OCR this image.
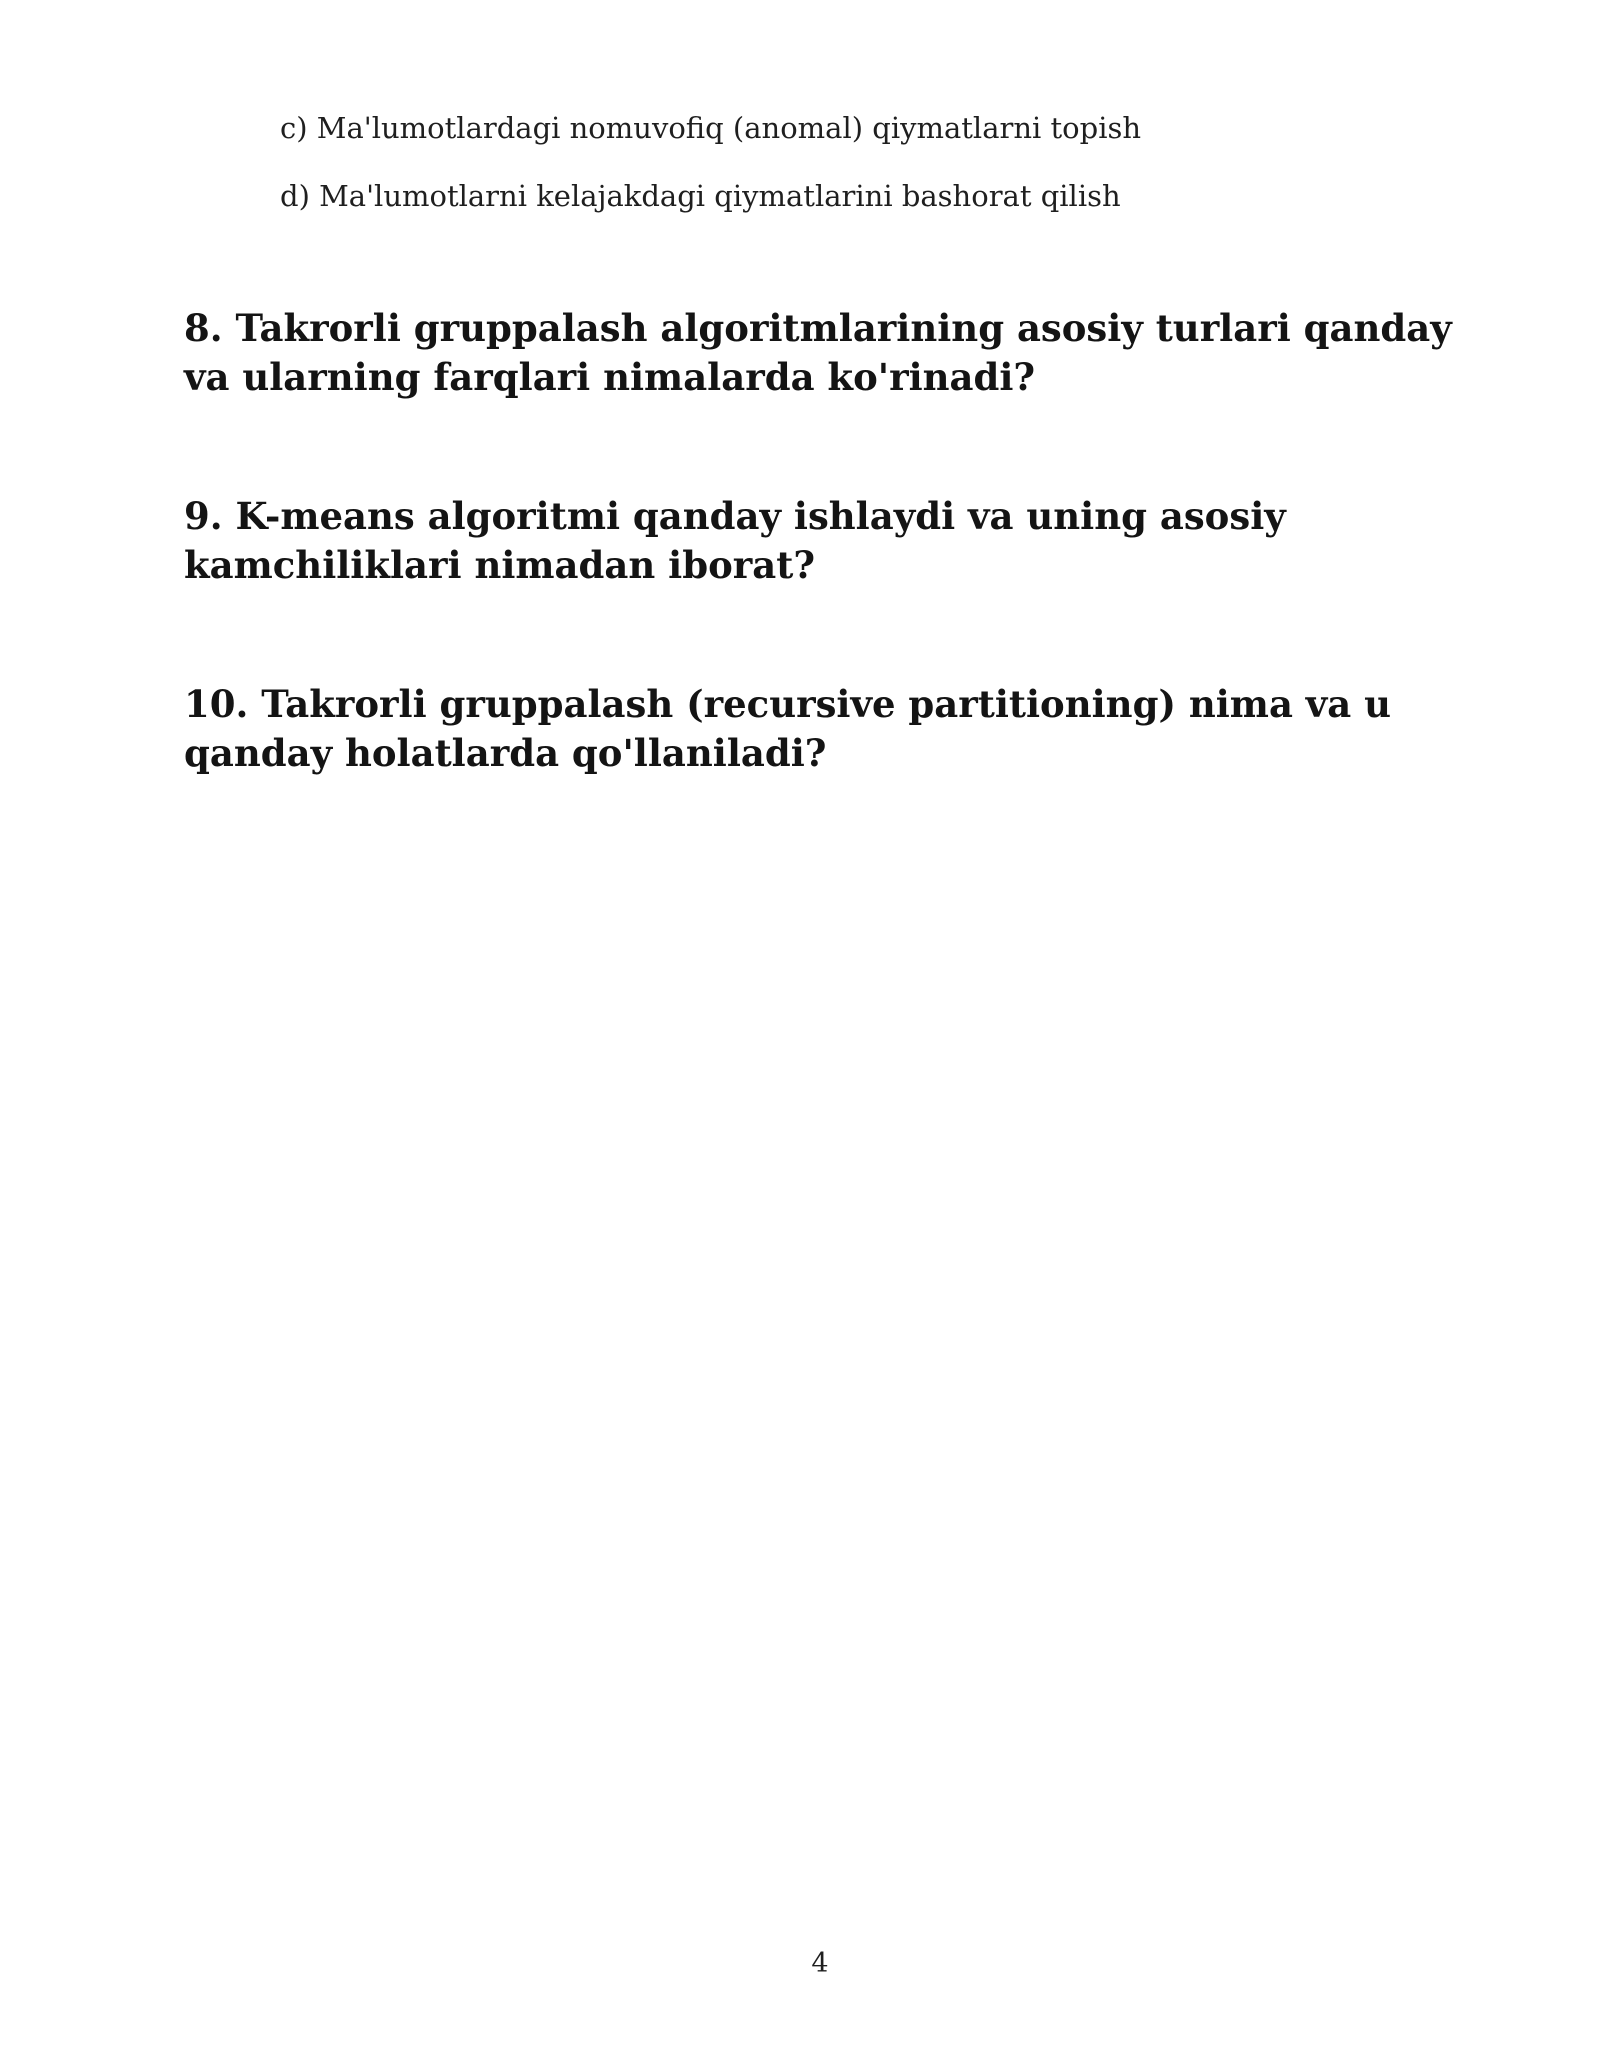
c) Ma'lumotlardagi nomuvofiq (anomal) qiymatlarni topish
d) Ma'lumotlarni kelajakdagi qiymatlarini bashorat qilish
8. Takrorli gruppalash algoritmlarining asosiy turlari qanday va ularning farqlari nimalarda ko'rinadi?
9. K-means algoritmi qanday ishlaydi va uning asosiy kamchiliklari nimadan iborat?
10. Takrorli gruppalash (recursive partitioning) nima va u qanday holatlarda qo'llaniladi?
4
